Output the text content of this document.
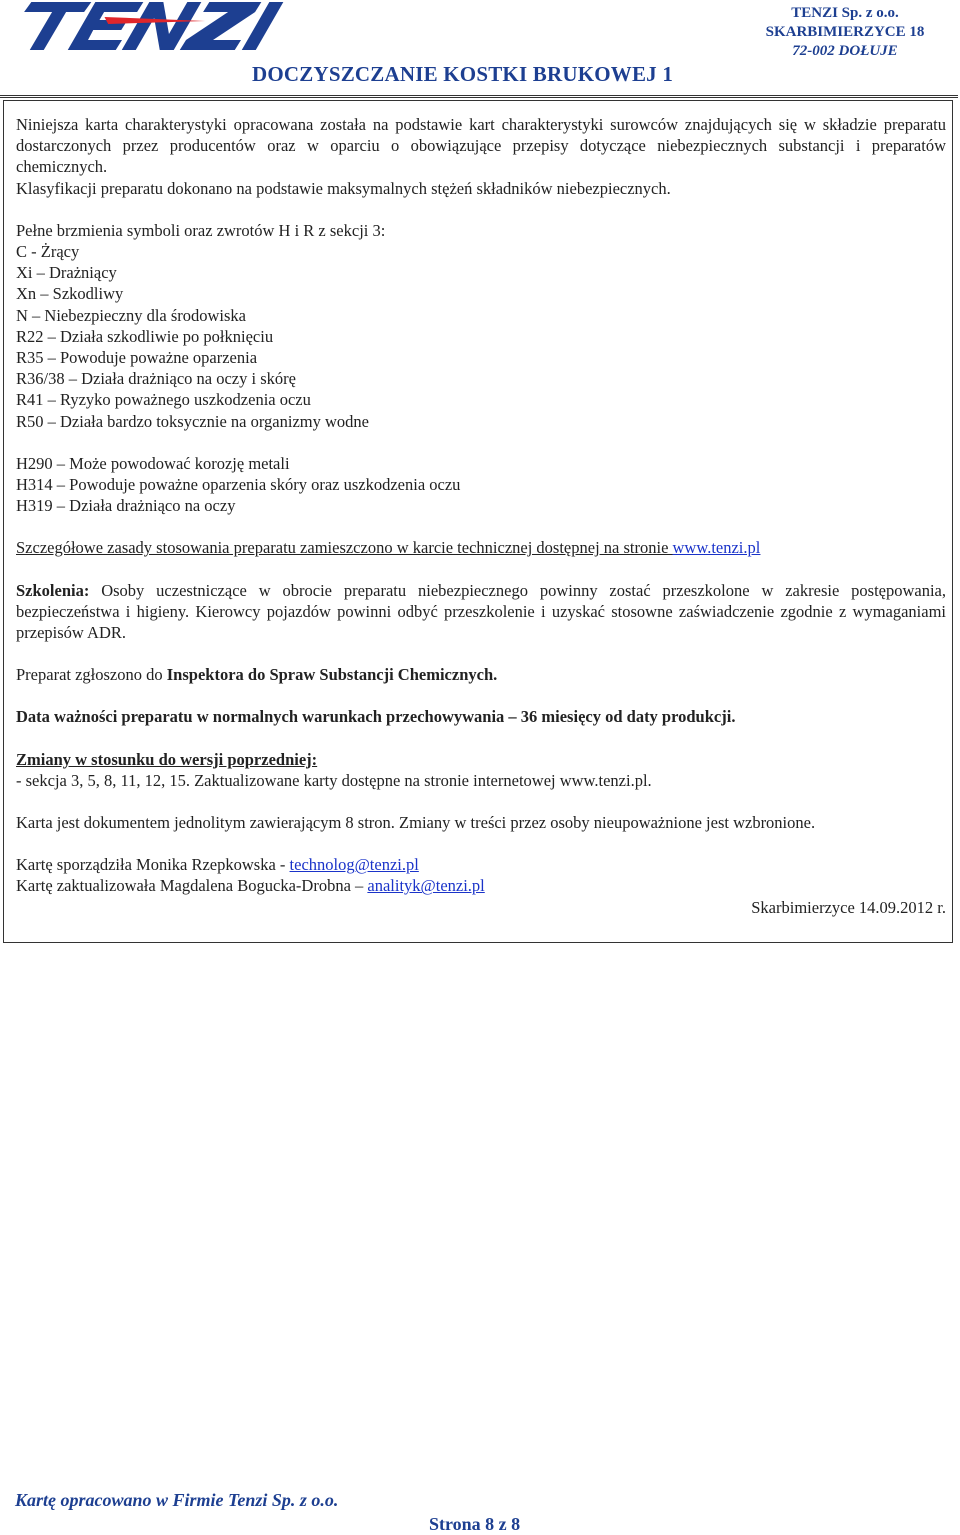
TENZI
TENZI Sp. z o.o.
SKARBIMIERZYCE 18
72-002 DOŁUJE
DOCZYSZCZANIE KOSTKI BRUKOWEJ 1

Niniejsza karta charakterystyki opracowana została na podstawie kart charakterystyki surowców znajdujących się w składzie preparatu dostarczonych przez producentów oraz w oparciu o obowiązujące przepisy dotyczące niebezpiecznych substancji i preparatów chemicznych.

Klasyfikacji preparatu dokonano na podstawie maksymalnych stężeń składników niebezpiecznych.

Pełne brzmienia symboli oraz zwrotów H i R z sekcji 3:

C - Żrący

Xi – Drażniący

Xn – Szkodliwy

N – Niebezpieczny dla środowiska

R22 – Działa szkodliwie po połknięciu

R35 – Powoduje poważne oparzenia

R36/38 – Działa drażniąco na oczy i skórę

R41 – Ryzyko poważnego uszkodzenia oczu

R50 – Działa bardzo toksycznie na organizmy wodne

H290 – Może powodować korozję metali

H314 – Powoduje poważne oparzenia skóry oraz uszkodzenia oczu

H319 – Działa drażniąco na oczy

Szczegółowe zasady stosowania preparatu zamieszczono w karcie technicznej dostępnej na stronie www.tenzi.pl

Szkolenia: Osoby uczestniczące w obrocie preparatu niebezpiecznego powinny zostać przeszkolone w zakresie postępowania, bezpieczeństwa i higieny. Kierowcy pojazdów powinni odbyć przeszkolenie i uzyskać stosowne zaświadczenie zgodnie z wymaganiami przepisów ADR.

Preparat zgłoszono do Inspektora do Spraw Substancji Chemicznych.

Data ważności preparatu w normalnych warunkach przechowywania – 36 miesięcy od daty produkcji.

Zmiany w stosunku do wersji poprzedniej:

- sekcja 3, 5, 8, 11, 12, 15. Zaktualizowane karty dostępne na stronie internetowej www.tenzi.pl.

Karta jest dokumentem jednolitym zawierającym 8 stron. Zmiany w treści przez osoby nieupoważnione jest wzbronione.

Kartę sporządziła Monika Rzepkowska - technolog@tenzi.pl

Kartę zaktualizowała Magdalena Bogucka-Drobna – analityk@tenzi.pl

Skarbimierzyce 14.09.2012 r.

Kartę opracowano w Firmie Tenzi Sp. z o.o.
Strona 8 z 8
